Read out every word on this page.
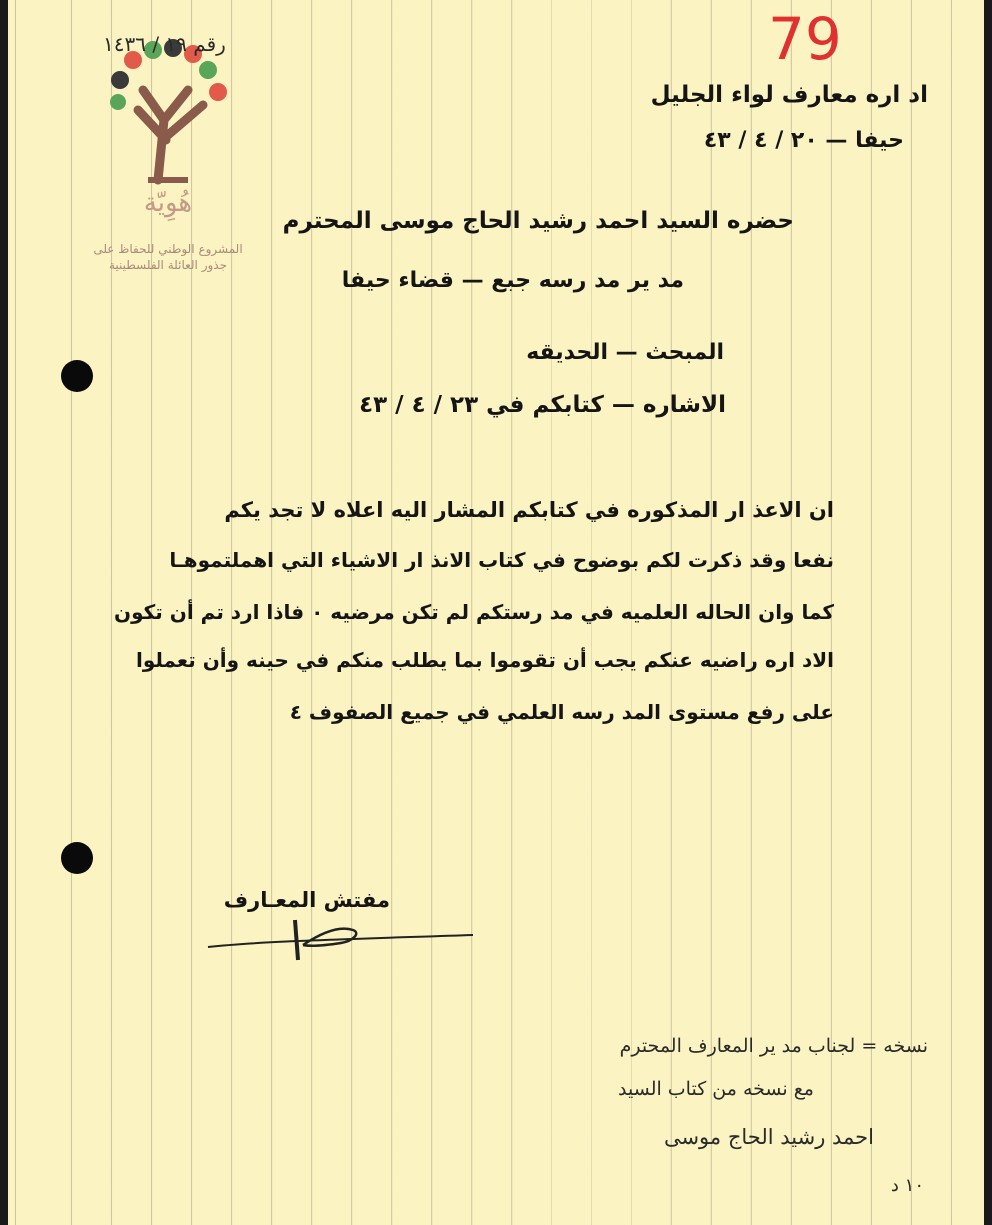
79
هُوِيّة
المشروع الوطني للحفاظ على
جذور العائلة الفلسطينية
رقم ١٩ / ١٤٣٦
اد اره معارف لواء الجليل
حيفا — ٢٠ / ٤ / ٤٣
حضره السيد احمد رشيد الحاج موسى المحترم
مد ير مد رسه جبع — قضاء حيفا
المبحث — الحديقه
الاشاره — كتابكم في ٢٣ / ٤ / ٤٣
ان الاعذ ار المذكوره في كتابكم المشار اليه اعلاه لا تجد يكم
نفعا وقد ذكرت لكم بوضوح في كتاب الانذ ار الاشياء التي اهملتموهـا
كما وان الحاله العلميه في مد رستكم لم تكن مرضيه ٠ فاذا ارد تم أن تكون
الاد اره راضيه عنكم يجب أن تقوموا بما يطلب منكم في حينه وأن تعملوا
على رفع مستوى المد رسه العلمي في جميع الصفوف ٤
مفتش المعـارف
نسخه = لجناب مد ير المعارف المحترم
مع نسخه من كتاب السيد
احمد رشيد الحاج موسى
١٠ د
